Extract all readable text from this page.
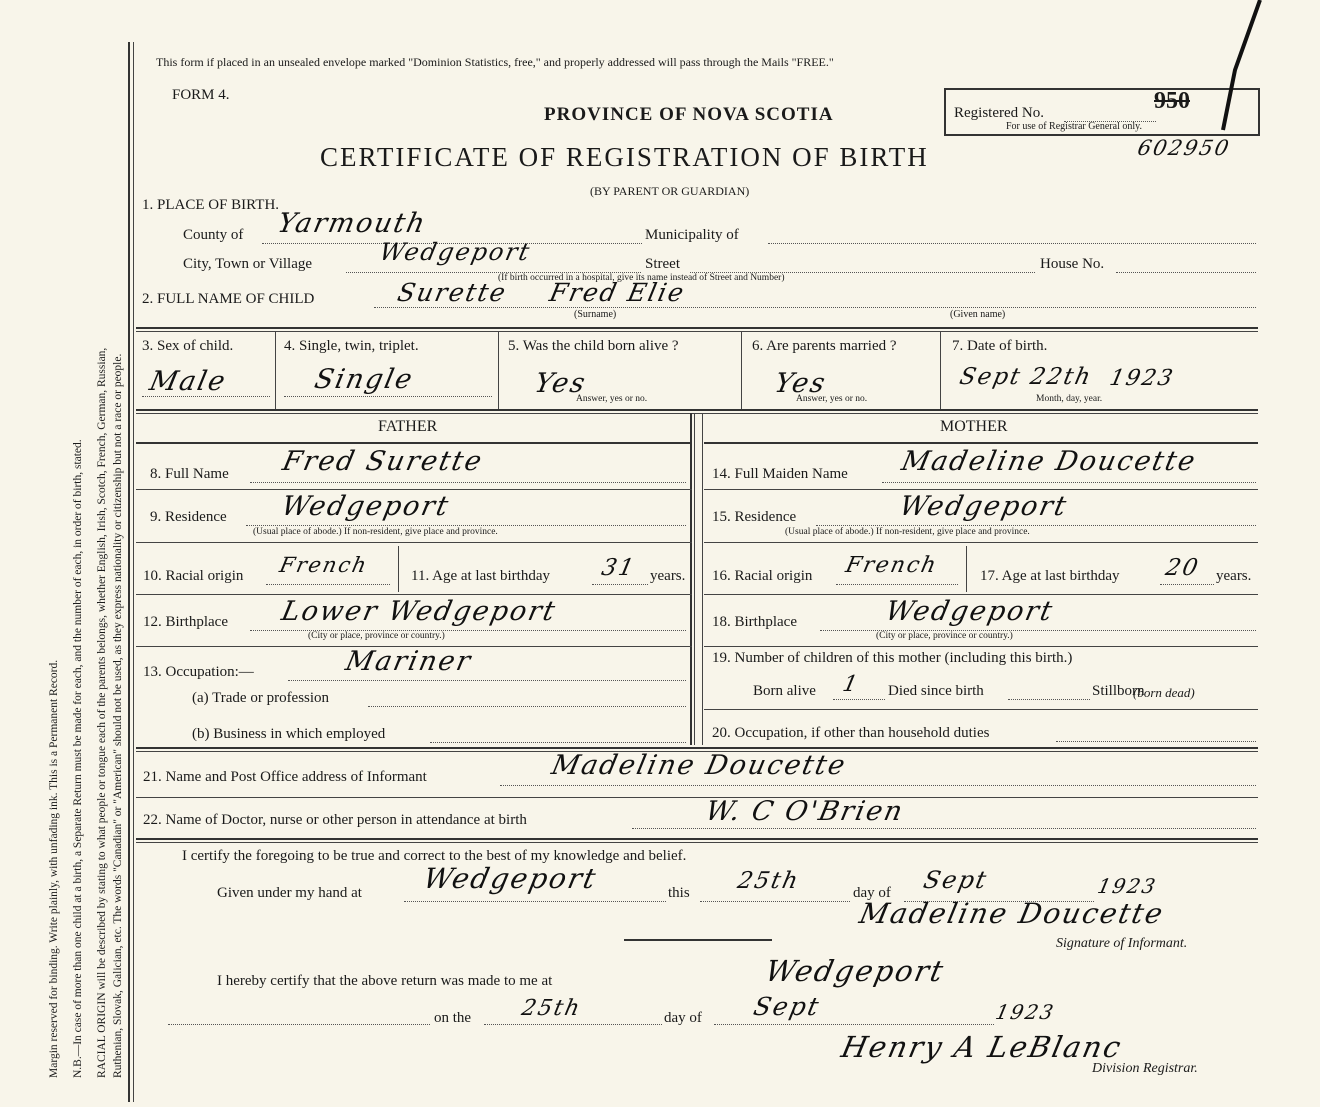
Margin reserved for binding. Write plainly, with unfading ink. This is a Permanent Record. N.B.—In case of more than one child at a birth, a Separate Return must be made for each, and the number of each, in order of birth, stated. RACIAL ORIGIN will be described by stating to what people or tongue each of the parents belongs, whether English, Irish, Scotch, French, German, Russian, Ruthenian, Slovak, Galician, etc. The words "Canadian" or "American" should not be used, as they express nationality or citizenship but not a race or people.
This form if placed in an unsealed envelope marked "Dominion Statistics, free," and properly addressed will pass through the Mails "FREE."
FORM 4.
PROVINCE OF NOVA SCOTIA
CERTIFICATE OF REGISTRATION OF BIRTH
(BY PARENT OR GUARDIAN)
Registered No.	950
For use of Registrar General only.
602950
1. PLACE OF BIRTH.
County of Yarmouth	Municipality of
City, Town or Village	Wedgeport	Street
(If birth occurred in a hospital, give its name instead of Street and Number)
House No.
2. FULL NAME OF CHILD	Surette Fred Elie
(Surname)	(Given name)
3. Sex of child.
Male
4. Single, twin, triplet.
Single
5. Was the child born alive ?
Yes
Answer, yes or no.
6. Are parents married ?
Yes
Answer, yes or no.
7. Date of birth.
Sept 22th 1923
Month, day, year.
FATHER	MOTHER
8. Full Name Fred Surette
9. Residence Wedgeport
(Usual place of abode.) If non-resident, give place and province.
10. Racial origin French	11. Age at last birthday 31 years.
12. Birthplace Lower Wedgeport
(City or place, province or country.)
13. Occupation:—	Mariner
(a) Trade or profession
(b) Business in which employed
14. Full Maiden Name Madeline Doucette
15. Residence	Wedgeport
(Usual place of abode.) If non-resident, give place and province.
16. Racial origin French	17. Age at last birthday 20 years.
18. Birthplace	Wedgeport
(City or place, province or country.)
19. Number of children of this mother (including this birth.)
Born alive 1 Died since birth	Stillborn
(born dead)
20. Occupation, if other than household duties
21. Name and Post Office address of Informant	Madeline Doucette
22. Name of Doctor, nurse or other person in attendance at birth	W. C O'Brien
I certify the foregoing to be true and correct to the best of my knowledge and belief.
Given under my hand at Wedgeport	this 25th	day of Sept	1923
Madeline Doucette
Signature of Informant.
I hereby certify that the above return was made to me at	Wedgeport
on the 25th	day of Sept	1923
Henry A LeBlanc
Division Registrar.
